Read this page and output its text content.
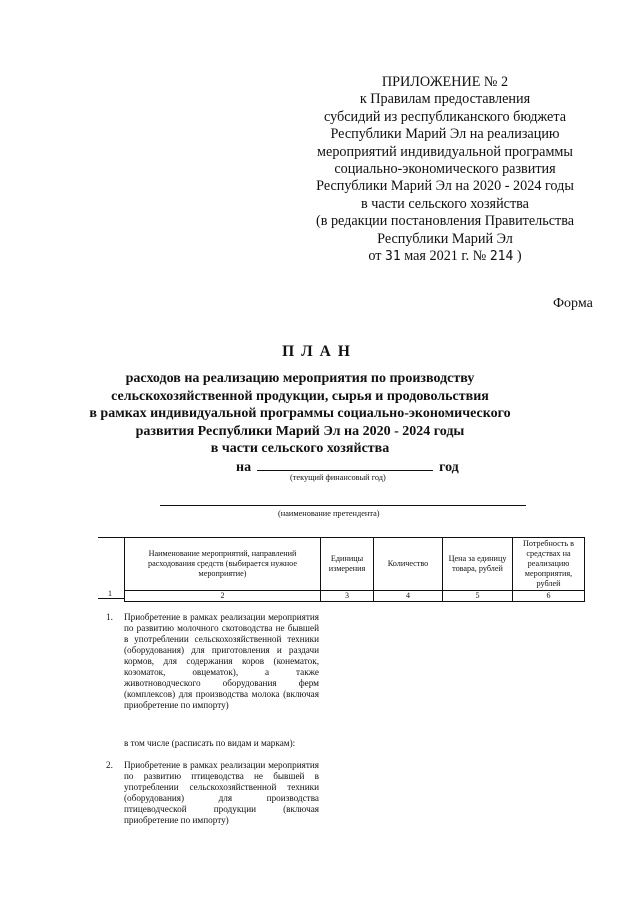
ПРИЛОЖЕНИЕ № 2
к Правилам предоставления
субсидий из республиканского бюджета
Республики Марий Эл на реализацию
мероприятий индивидуальной программы
социально-экономического развития
Республики Марий Эл на 2020 - 2024 годы
в части сельского хозяйства
(в редакции постановления Правительства
Республики Марий Эл
от 31 мая 2021 г. № 214 )
Форма
ПЛАН
расходов на реализацию мероприятия по производству
сельскохозяйственной продукции, сырья и продовольствия
в рамках индивидуальной программы социально-экономического
развития Республики Марий Эл на 2020 - 2024 годы
в части сельского хозяйства
на	год
(текущий финансовый год)
(наименование претендента)
1
Наименование мероприятий, направлений расходования средств (выбирается нужное мероприятие)	Единицы измерения	Количество	Цена за единицу товара, рублей	Потребность в средствах на реализацию мероприятия, рублей
2	3	4	5	6
1. Приобретение в рамках реализации мероприятия по развитию молочного скотоводства не бывшей в употреблении сельскохозяйственной техники (оборудования) для приготовления и раздачи кормов, для содержания коров (конематок, козоматок, овцематок), а также животноводческого оборудования ферм (комплексов) для производства молока (включая приобретение по импорту)
в том числе (расписать по видам и маркам):
2. Приобретение в рамках реализации мероприятия по развитию птицеводства не бывшей в употреблении сельскохозяйственной техники (оборудования) для производства птицеводческой продукции (включая приобретение по импорту)
